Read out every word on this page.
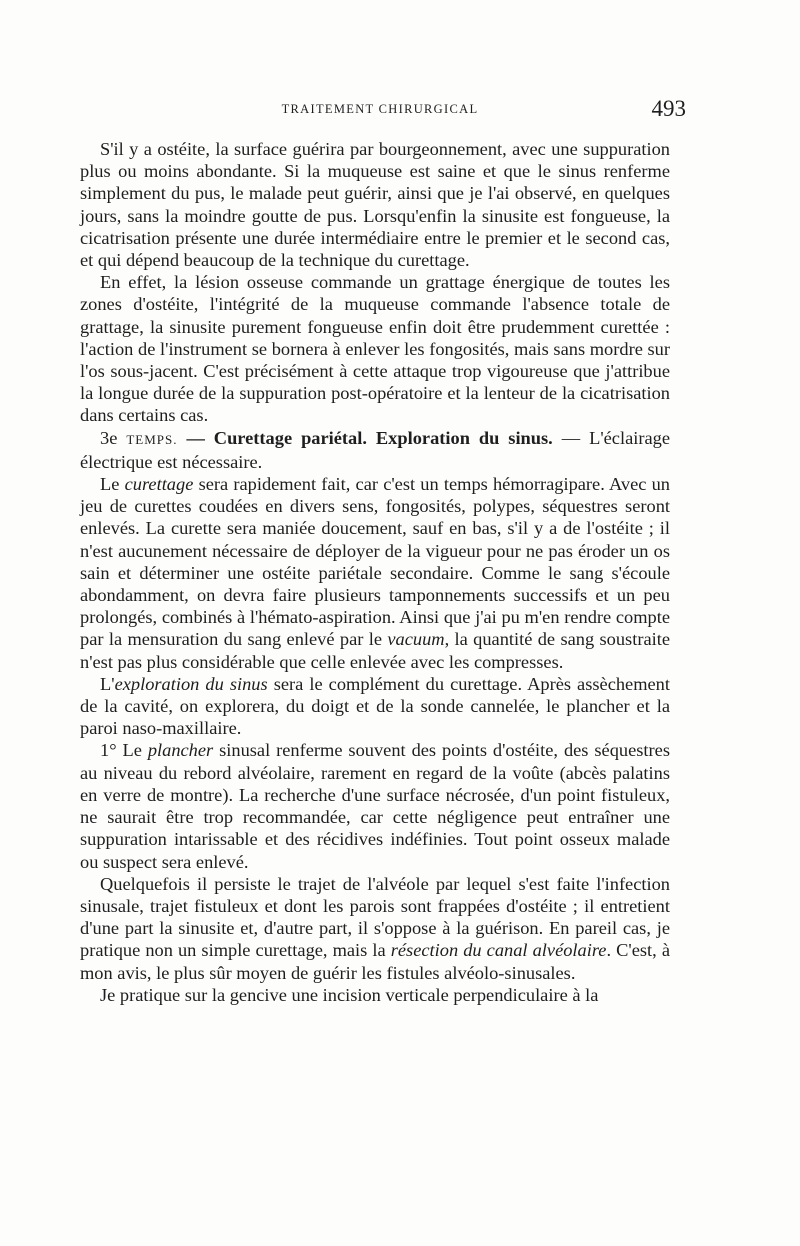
TRAITEMENT CHIRURGICAL	493

S'il y a ostéite, la surface guérira par bourgeonnement, avec une suppuration plus ou moins abondante. Si la muqueuse est saine et que le sinus renferme simplement du pus, le malade peut guérir, ainsi que je l'ai observé, en quelques jours, sans la moindre goutte de pus. Lorsqu'enfin la sinusite est fongueuse, la cicatrisation présente une durée intermédiaire entre le premier et le second cas, et qui dépend beaucoup de la technique du curettage.

En effet, la lésion osseuse commande un grattage énergique de toutes les zones d'ostéite, l'intégrité de la muqueuse commande l'absence totale de grattage, la sinusite purement fongueuse enfin doit être prudemment curettée : l'action de l'instrument se bornera à enlever les fongosités, mais sans mordre sur l'os sous-jacent. C'est précisément à cette attaque trop vigoureuse que j'attribue la longue durée de la suppuration post-opératoire et la lenteur de la cicatrisation dans certains cas.

3e TEMPS. — Curettage pariétal. Exploration du sinus. — L'éclairage électrique est nécessaire.

Le curettage sera rapidement fait, car c'est un temps hémorragipare. Avec un jeu de curettes coudées en divers sens, fongosités, polypes, séquestres seront enlevés. La curette sera maniée doucement, sauf en bas, s'il y a de l'ostéite ; il n'est aucunement nécessaire de déployer de la vigueur pour ne pas éroder un os sain et déterminer une ostéite pariétale secondaire. Comme le sang s'écoule abondamment, on devra faire plusieurs tamponnements successifs et un peu prolongés, combinés à l'hémato-aspiration. Ainsi que j'ai pu m'en rendre compte par la mensuration du sang enlevé par le vacuum, la quantité de sang soustraite n'est pas plus considérable que celle enlevée avec les compresses.

L'exploration du sinus sera le complément du curettage. Après assèchement de la cavité, on explorera, du doigt et de la sonde cannelée, le plancher et la paroi naso-maxillaire.

1° Le plancher sinusal renferme souvent des points d'ostéite, des séquestres au niveau du rebord alvéolaire, rarement en regard de la voûte (abcès palatins en verre de montre). La recherche d'une surface nécrosée, d'un point fistuleux, ne saurait être trop recommandée, car cette négligence peut entraîner une suppuration intarissable et des récidives indéfinies. Tout point osseux malade ou suspect sera enlevé.

Quelquefois il persiste le trajet de l'alvéole par lequel s'est faite l'infection sinusale, trajet fistuleux et dont les parois sont frappées d'ostéite ; il entretient d'une part la sinusite et, d'autre part, il s'oppose à la guérison. En pareil cas, je pratique non un simple curettage, mais la résection du canal alvéolaire. C'est, à mon avis, le plus sûr moyen de guérir les fistules alvéolo-sinusales.

Je pratique sur la gencive une incision verticale perpendiculaire à la
